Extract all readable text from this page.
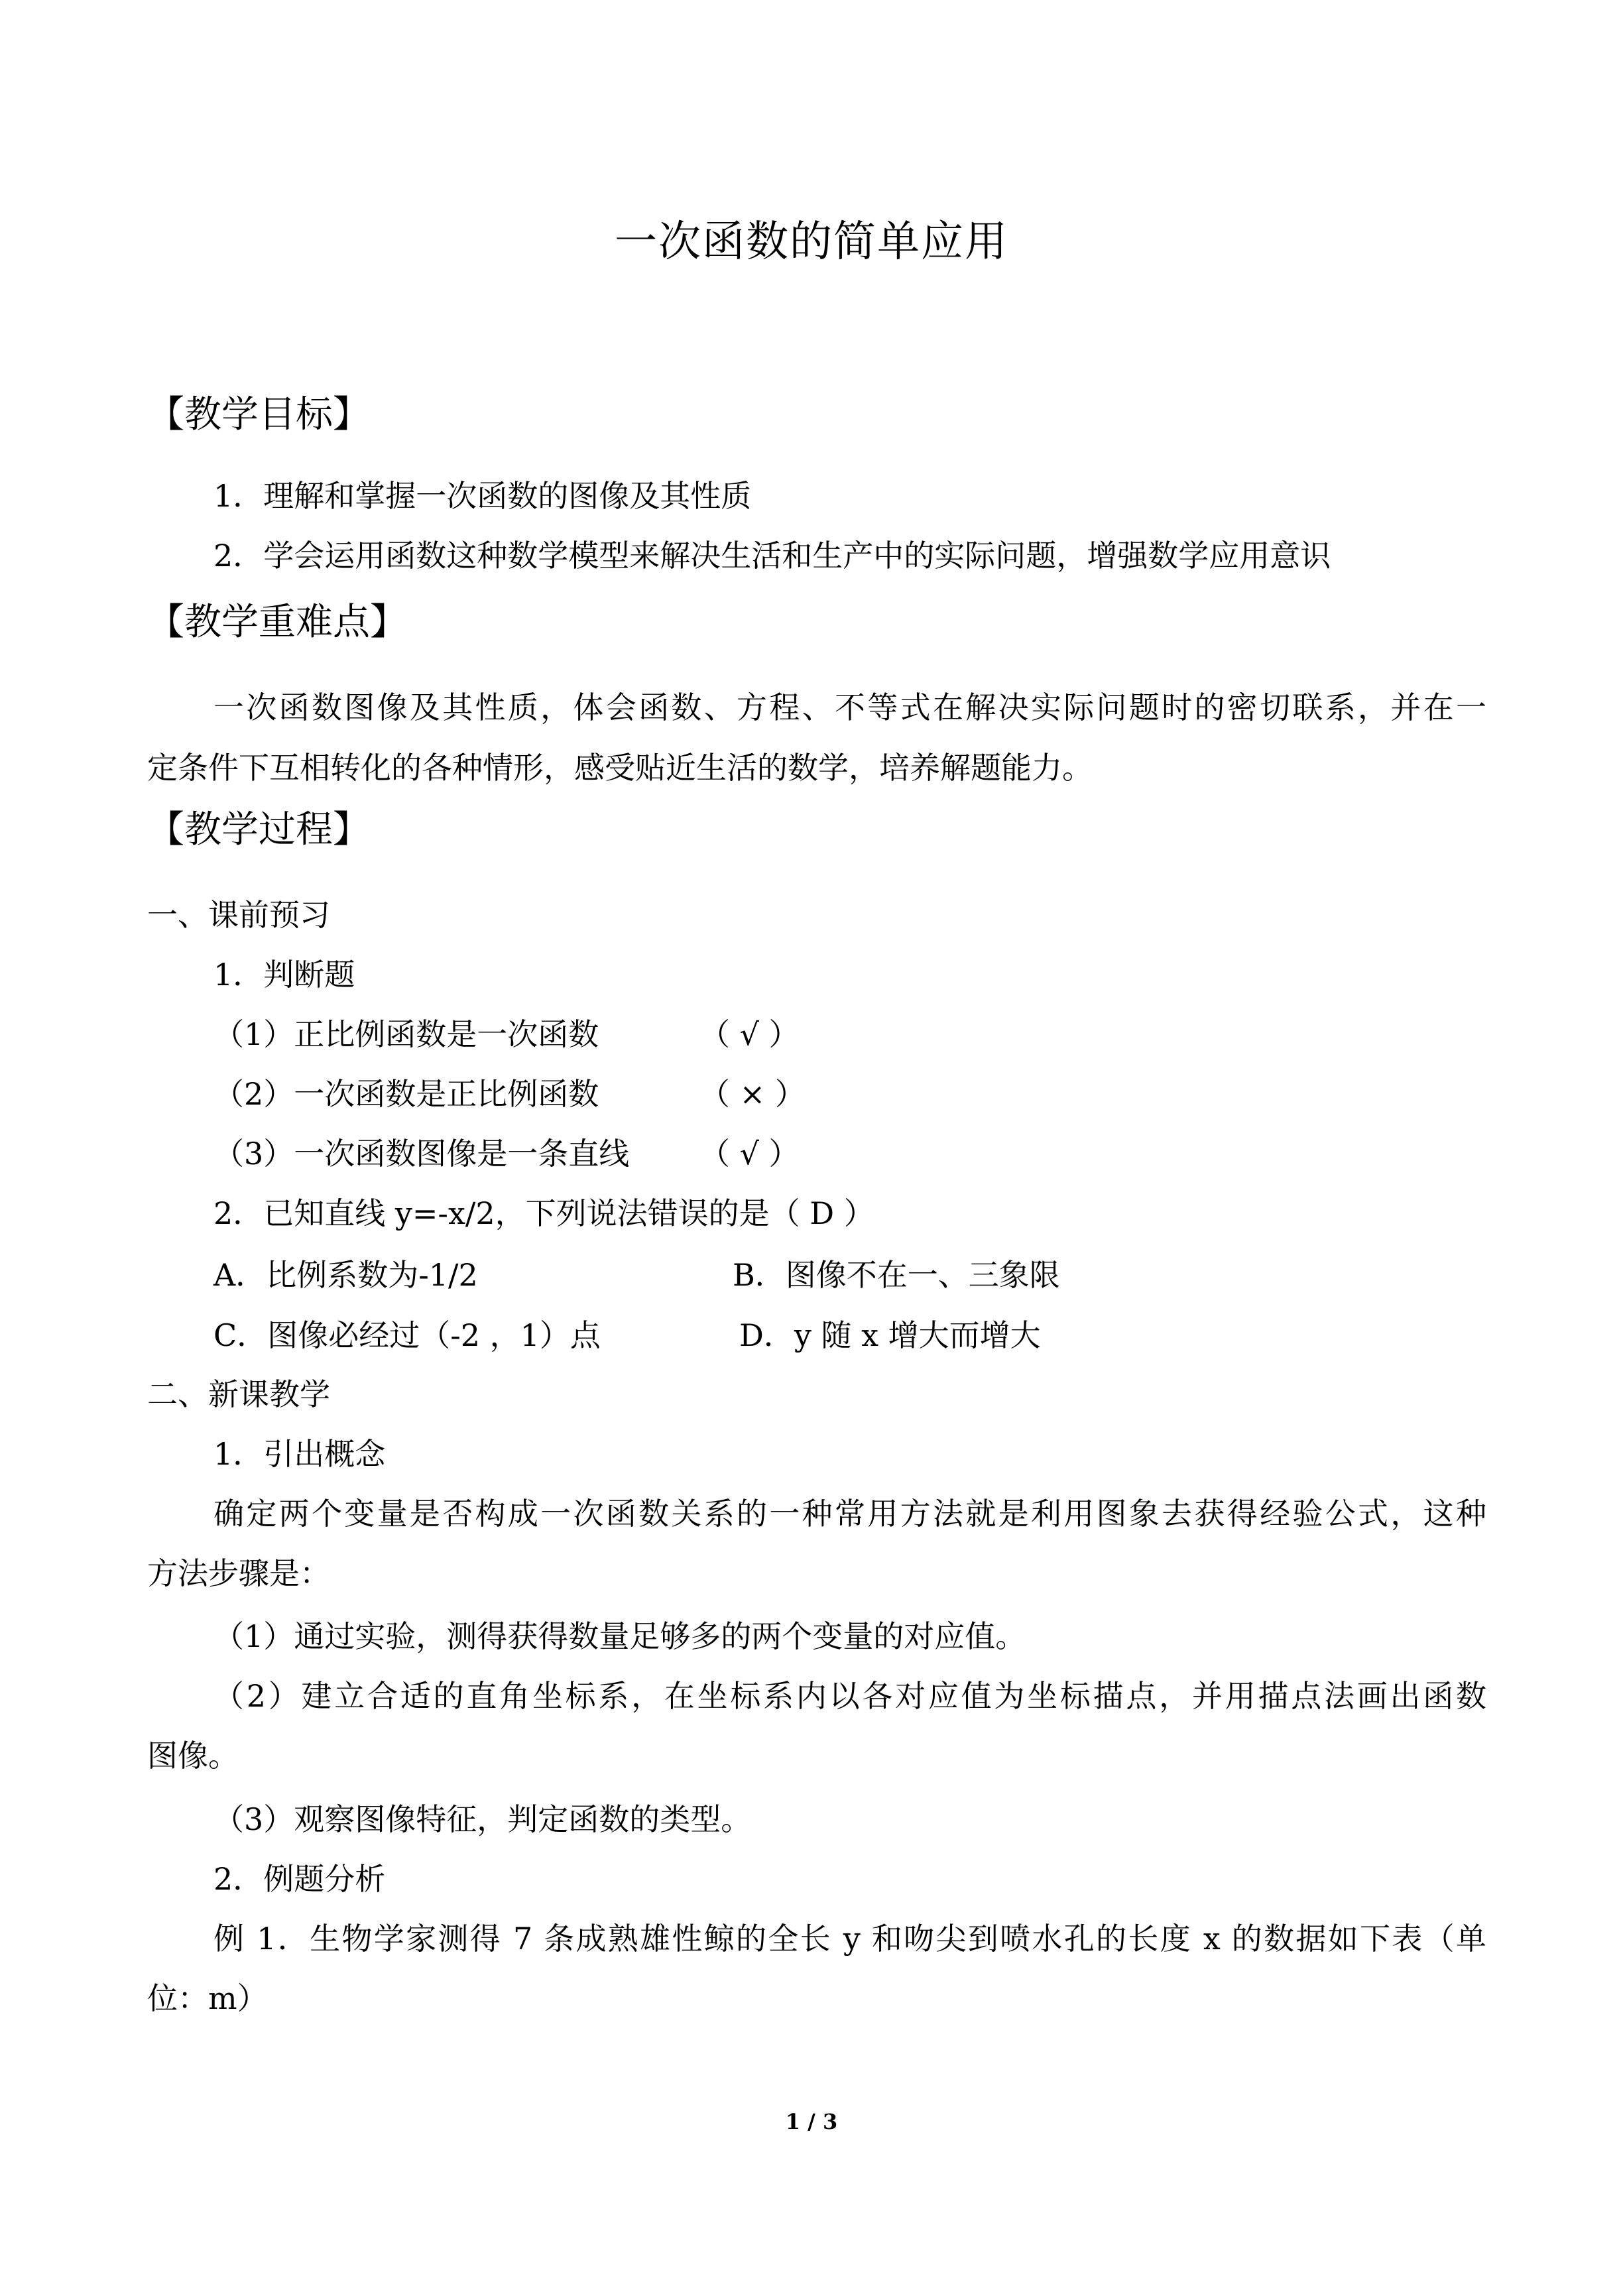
一次函数的简单应用
【教学目标】
1．理解和掌握一次函数的图像及其性质
2．学会运用函数这种数学模型来解决生活和生产中的实际问题，增强数学应用意识
【教学重难点】
一次函数图像及其性质，体会函数、方程、不等式在解决实际问题时的密切联系，并在一
定条件下互相转化的各种情形，感受贴近生活的数学，培养解题能力。
【教学过程】
一、课前预习
1．判断题
（1）正比例函数是一次函数	（ √ ）
（2）一次函数是正比例函数	（ × ）
（3）一次函数图像是一条直线 （ √ ）
2．已知直线 y=-x/2，下列说法错误的是（ D ）
A．比例系数为-1/2	B．图像不在一、三象限
C．图像必经过（-2 ，1）点	D．y 随 x 增大而增大
二、新课教学
1．引出概念
确定两个变量是否构成一次函数关系的一种常用方法就是利用图象去获得经验公式，这种
方法步骤是：
（1）通过实验，测得获得数量足够多的两个变量的对应值。
（2）建立合适的直角坐标系，在坐标系内以各对应值为坐标描点，并用描点法画出函数
图像。
（3）观察图像特征，判定函数的类型。
2．例题分析
例 1．生物学家测得 7 条成熟雄性鲸的全长 y 和吻尖到喷水孔的长度 x 的数据如下表（单
位：m）
1 / 3
